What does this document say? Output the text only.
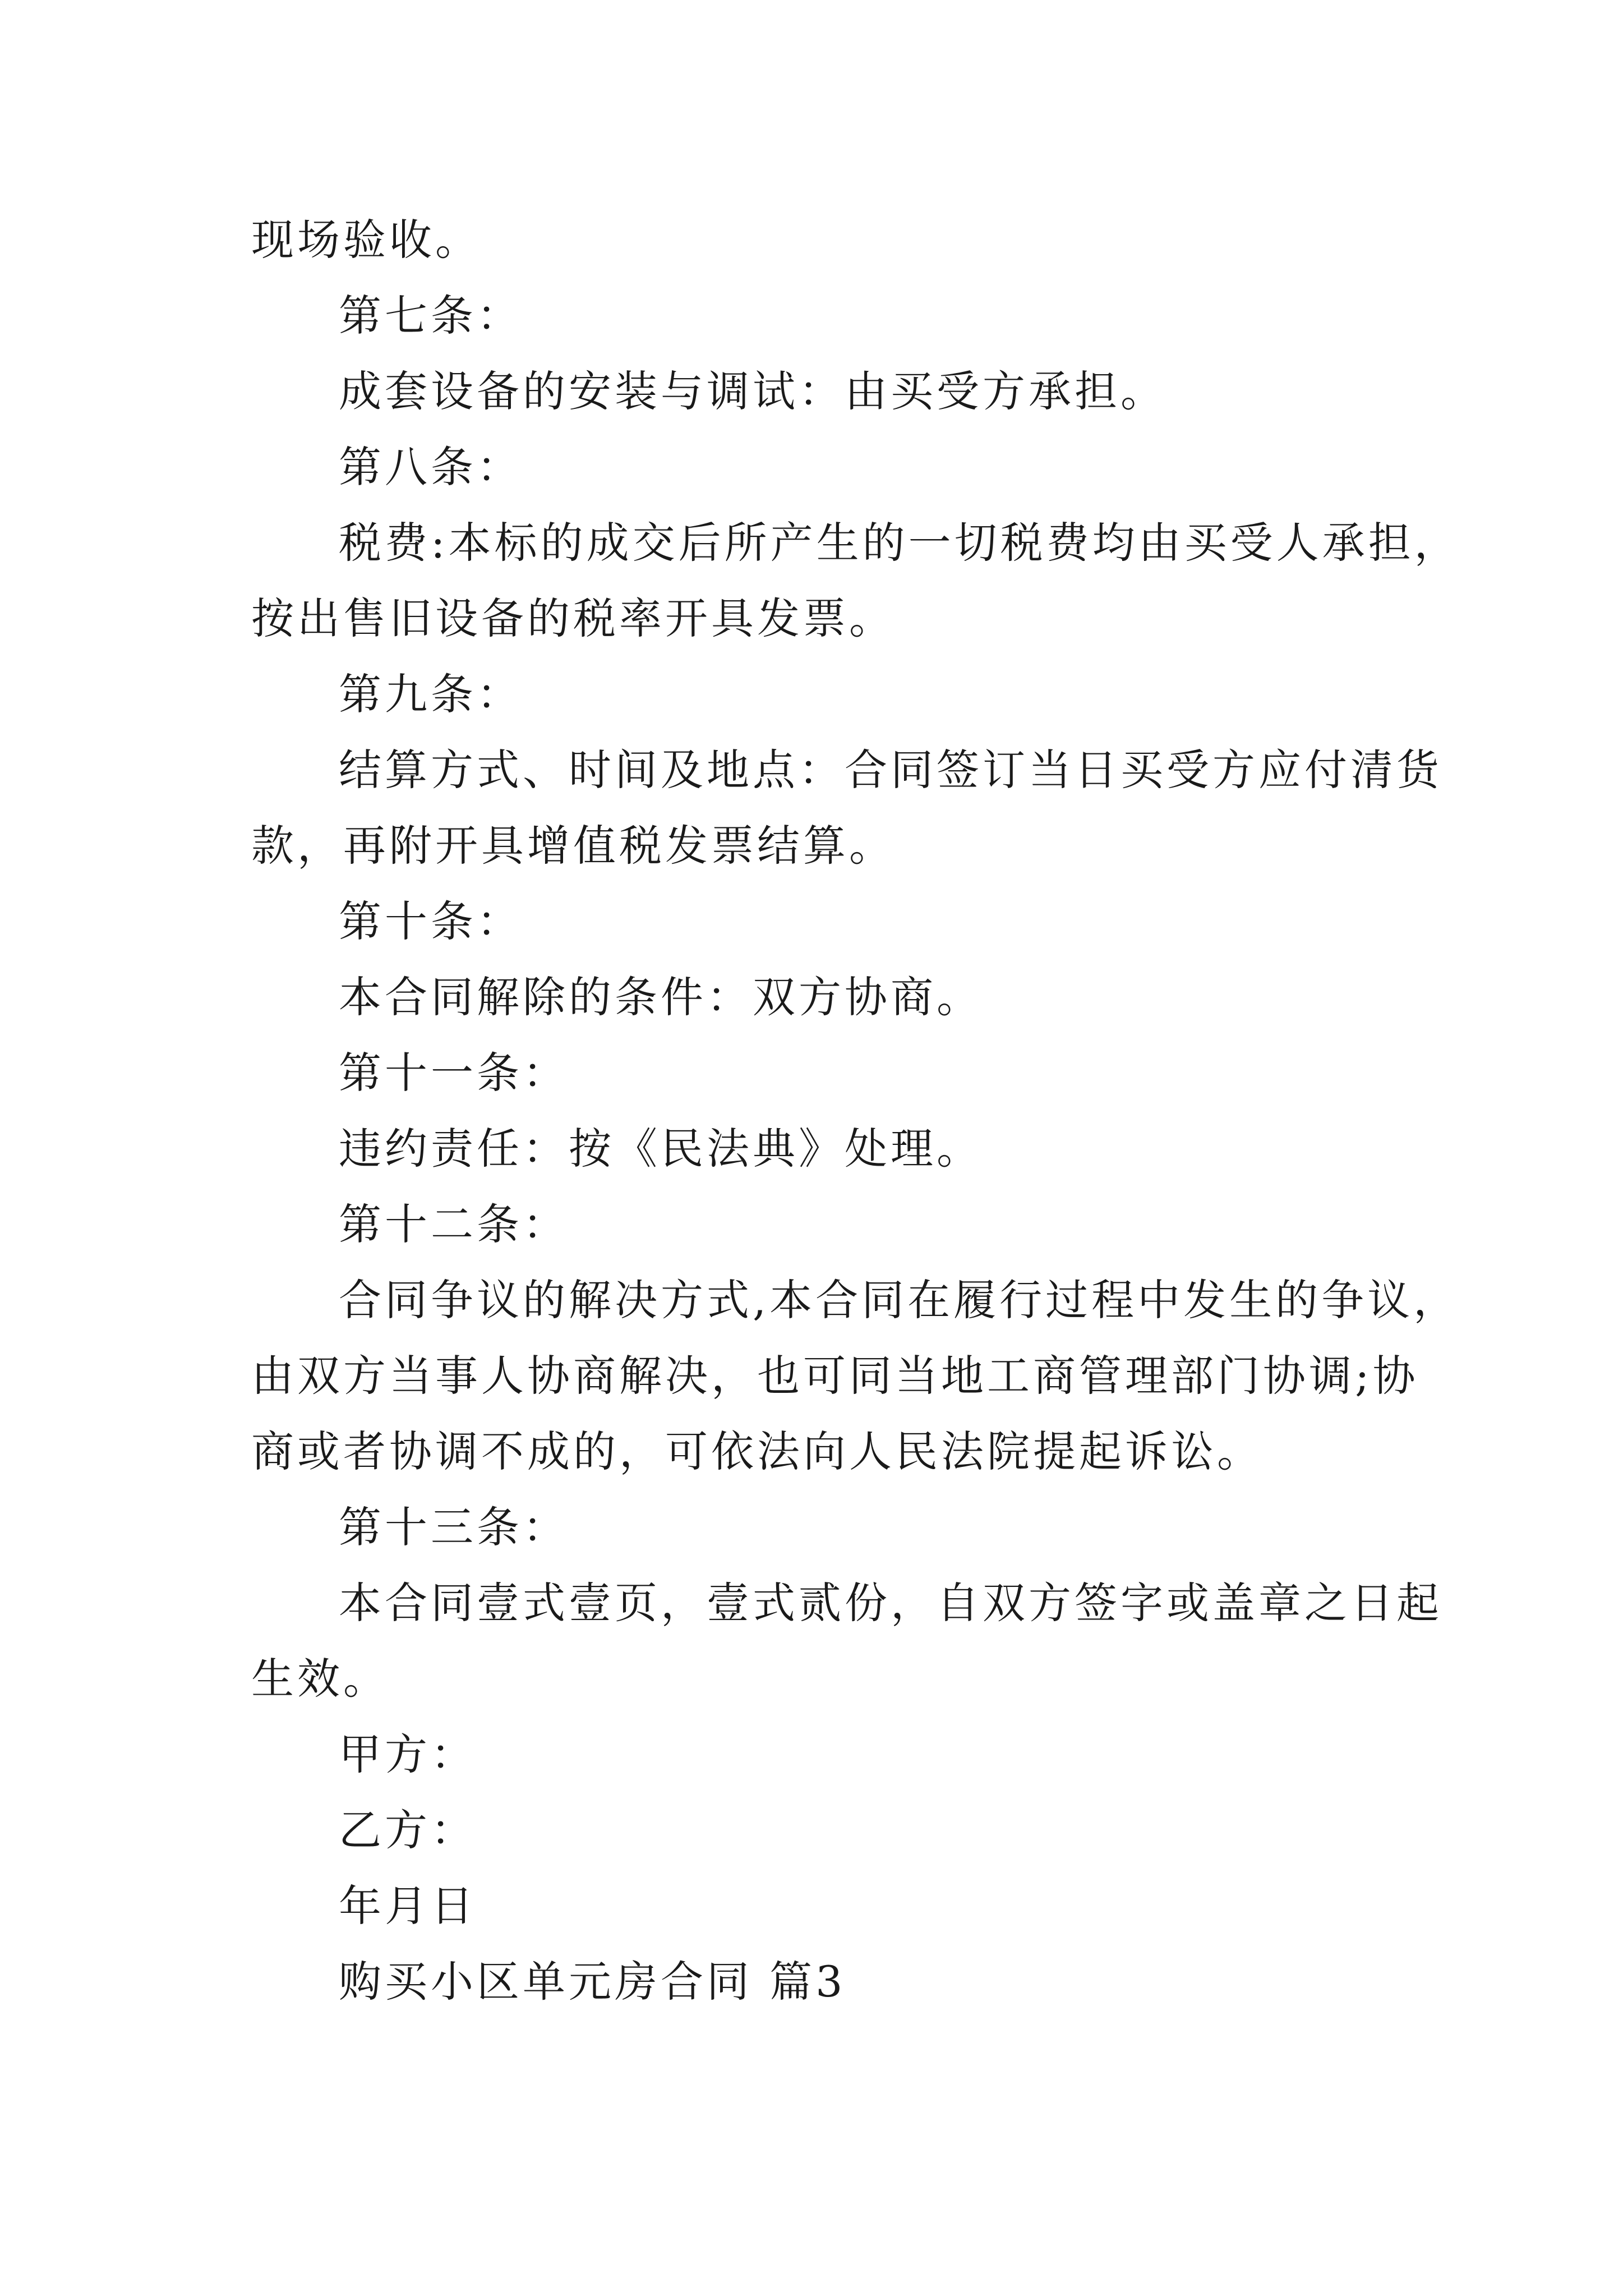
现场验收。
第七条：
成套设备的安装与调试：由买受方承担。
第八条：
税费:本标的成交后所产生的一切税费均由买受人承担，
按出售旧设备的税率开具发票。
第九条：
结算方式、时间及地点：合同签订当日买受方应付清货
款，再附开具增值税发票结算。
第十条：
本合同解除的条件：双方协商。
第十一条：
违约责任：按《民法典》处理。
第十二条：
合同争议的解决方式,本合同在履行过程中发生的争议，
由双方当事人协商解决，也可同当地工商管理部门协调;协
商或者协调不成的，可依法向人民法院提起诉讼。
第十三条：
本合同壹式壹页，壹式贰份，自双方签字或盖章之日起
生效。
甲方：
乙方：
年月日
购买小区单元房合同 篇3
